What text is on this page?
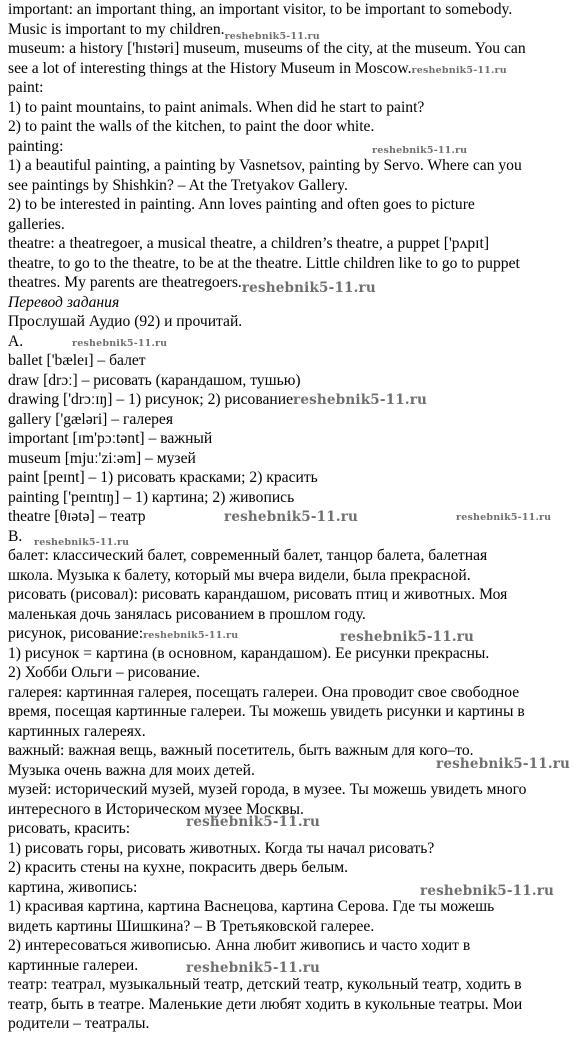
important: an important thing, an important visitor, to be important to somebody.
Music is important to my $children._{reshebnik5-11.ru}$
museum: a history ['hɪstəri] museum, museums of the city, at the museum. You can
see a lot of interesting things at the History Museum in Moscow.reshebnik5-11.ru
paint:
1) to paint mountains, to paint animals. When did he start to paint?
2) to paint the walls of the kitchen, to paint the door white.
painting:	reshebnik5-11.ru
1) a beautiful painting, a painting by Vasnetsov, painting by Servo. Where can you
see paintings by Shishkin? – At the Tretyakov Gallery.
2) to be interested in painting. Ann loves painting and often goes to picture
galleries.
theatre: a theatregoer, a musical theatre, a children’s theatre, a puppet ['pʌpɪt]
theatre, to go to the theatre, to be at the theatre. Little children like to go to puppet
theatres. My parents are theatregoers.reshebnik5-11.ru
Перевод задания
Прослушай Аудио (92) и прочитай.
A.	reshebnik5-11.ru
ballet ['bæleɪ] – балет
draw [drɔː] – рисовать (карандашом, тушью)
drawing ['drɔːɪŋ] – 1) рисунок; 2) рисованиеreshebnik5-11.ru
gallery ['gæləri] – галерея
important [ɪm'pɔːtənt] – важный
museum [mjuː'ziːəm] – музей
paint [peɪnt] – 1) рисовать красками; 2) красить
painting ['peɪntɪŋ] – 1) картина; 2) живопись
theatre [θɪətə] – театр	reshebnik5-11.ru	reshebnik5-11.ru
B. reshebnik5-11.ru
балет: классический балет, современный балет, танцор балета, балетная
школа. Музыка к балету, который мы вчера видели, была прекрасной.
рисовать (рисовал): рисовать карандашом, рисовать птиц и животных. Моя
маленькая дочь занялась рисованием в прошлом году.
рисунок, рисование:reshebnik5-11.ru	reshebnik5-11.ru
1) рисунок = картина (в основном, карандашом). Ее рисунки прекрасны.
2) Хобби Ольги – рисование.
галерея: картинная галерея, посещать галереи. Она проводит свое свободное
время, посещая картинные галереи. Ты можешь увидеть рисунки и картины в
картинных галереях.
важный: важная вещь, важный посетитель, быть важным для кого–то.
Музыка очень важна для моих детей.	reshebnik5-11.ru
музей: исторический музей, музей города, в музее. Ты можешь увидеть много
интересного в Историческом музее Москвы.
рисовать, красить:	reshebnik5-11.ru
1) рисовать горы, рисовать животных. Когда ты начал рисовать?
2) красить стены на кухне, покрасить дверь белым.
картина, живопись:	reshebnik5-11.ru
1) красивая картина, картина Васнецова, картина Серова. Где ты можешь
видеть картины Шишкина? – В Третьяковской галерее.
2) интересоваться живописью. Анна любит живопись и часто ходит в
картинные галереи.	reshebnik5-11.ru
театр: театрал, музыкальный театр, детский театр, кукольный театр, ходить в
театр, быть в театре. Маленькие дети любят ходить в кукольные театры. Мои
родители – театралы.
